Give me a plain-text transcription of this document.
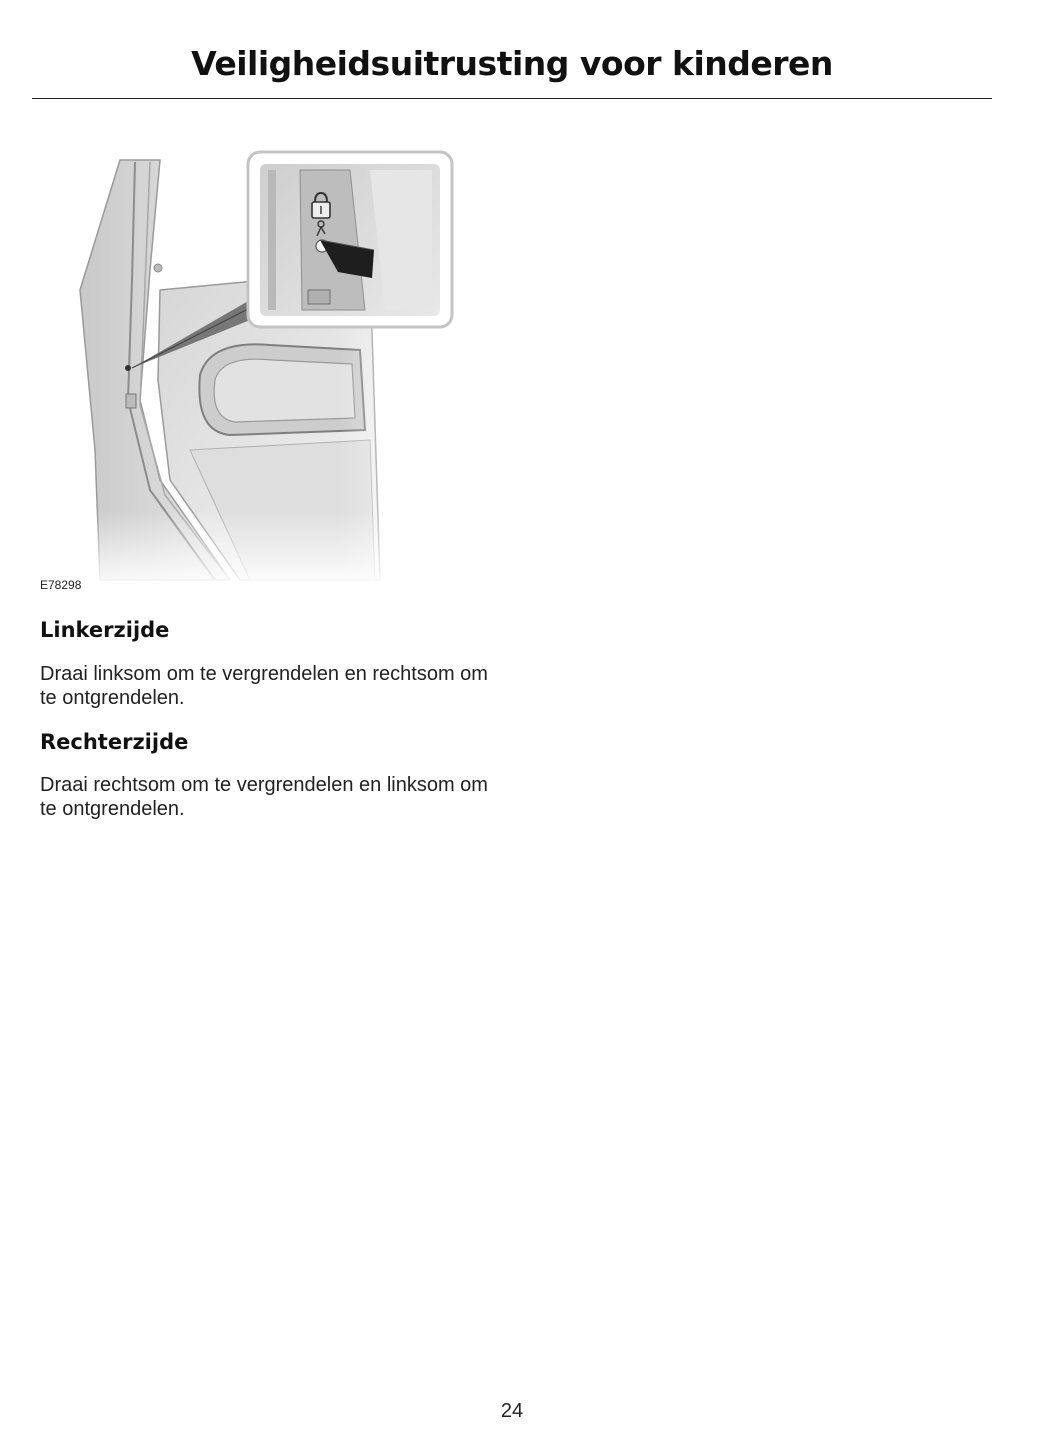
Veiligheidsuitrusting voor kinderen
E78298
Linkerzijde

Draai linksom om te vergrendelen en rechtsom om te ontgrendelen.

Rechterzijde

Draai rechtsom om te vergrendelen en linksom om te ontgrendelen.

24
